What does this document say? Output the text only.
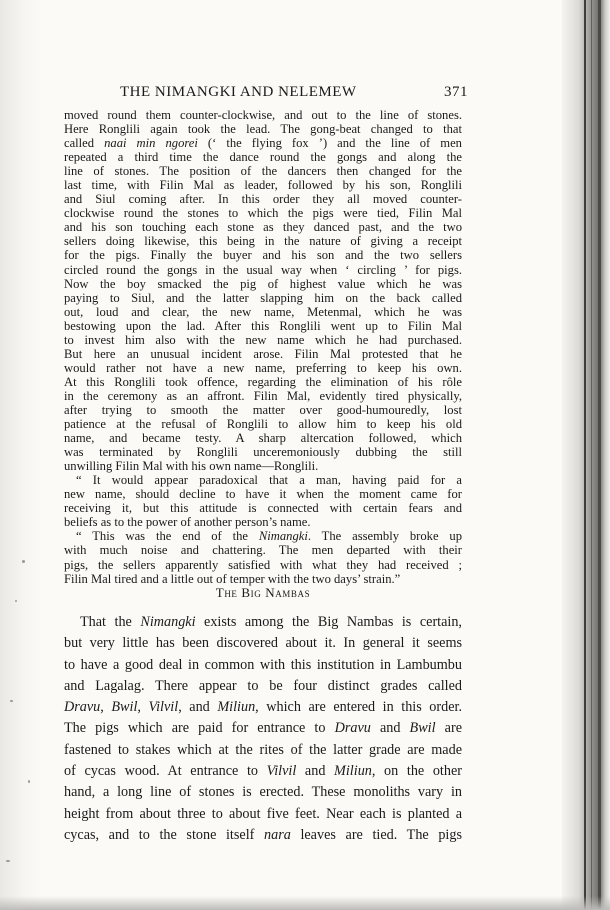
THE NIMANGKI AND NELEMEW	371
moved round them counter-clockwise, and out to the line of stones.
Here Ronglili again took the lead. The gong-beat changed to that
called naai min ngorei (‘ the flying fox ’) and the line of men
repeated a third time the dance round the gongs and along the
line of stones. The position of the dancers then changed for the
last time, with Filin Mal as leader, followed by his son, Ronglili
and Siul coming after. In this order they all moved counter-
clockwise round the stones to which the pigs were tied, Filin Mal
and his son touching each stone as they danced past, and the two
sellers doing likewise, this being in the nature of giving a receipt
for the pigs. Finally the buyer and his son and the two sellers
circled round the gongs in the usual way when ‘ circling ’ for pigs.
Now the boy smacked the pig of highest value which he was
paying to Siul, and the latter slapping him on the back called
out, loud and clear, the new name, Metenmal, which he was
bestowing upon the lad. After this Ronglili went up to Filin Mal
to invest him also with the new name which he had purchased.
But here an unusual incident arose. Filin Mal protested that he
would rather not have a new name, preferring to keep his own.
At this Ronglili took offence, regarding the elimination of his rôle
in the ceremony as an affront. Filin Mal, evidently tired physically,
after trying to smooth the matter over good-humouredly, lost
patience at the refusal of Ronglili to allow him to keep his old
name, and became testy. A sharp altercation followed, which
was terminated by Ronglili unceremoniously dubbing the still
unwilling Filin Mal with his own name—Ronglili.
“ It would appear paradoxical that a man, having paid for a
new name, should decline to have it when the moment came for
receiving it, but this attitude is connected with certain fears and
beliefs as to the power of another person’s name.
“ This was the end of the Nimangki. The assembly broke up
with much noise and chattering. The men departed with their
pigs, the sellers apparently satisfied with what they had received ;
Filin Mal tired and a little out of temper with the two days’ strain.”
The Big Nambas
That the Nimangki exists among the Big Nambas is certain,
but very little has been discovered about it. In general it seems
to have a good deal in common with this institution in Lambumbu
and Lagalag. There appear to be four distinct grades called
Dravu, Bwil, Vilvil, and Miliun, which are entered in this order.
The pigs which are paid for entrance to Dravu and Bwil are
fastened to stakes which at the rites of the latter grade are made
of cycas wood. At entrance to Vilvil and Miliun, on the other
hand, a long line of stones is erected. These monoliths vary in
height from about three to about five feet. Near each is planted a
cycas, and to the stone itself nara leaves are tied. The pigs
